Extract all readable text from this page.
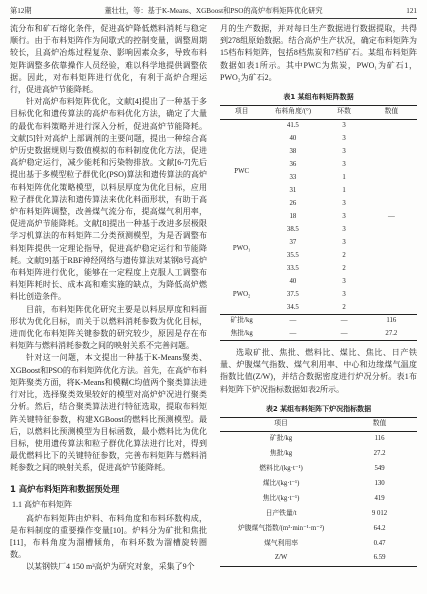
第12期	董壮壮，等：基于K-Means、XGBoost和PSO的高炉布料矩阵优化研究	121

流分布和矿石熔化条件，促进高炉降低燃料消耗与稳定顺行。由于布料矩阵作为间歇式的控制变量，调整周期较长，且高炉冶炼过程复杂、影响因素众多，导致布料矩阵调整多依靠操作人员经验，难以科学地提供调整依据。因此，对布料矩阵进行优化，有利于高炉合理运行，促进高炉节能降耗。

针对高炉布料矩阵优化，文献[4]提出了一种基于多目标优化和遗传算法的高炉布料优化方法，确定了大量的最优布料策略并进行深入分析，促进高炉节能降耗。文献[5]针对高炉上部调剂的主要问题，提出一种综合高炉历史数据规则与数值模拟的布料制度优化方法，促进高炉稳定运行，减少能耗和污染物排放。文献[6-7]先后提出基于多模型粒子群优化(PSO)算法和遗传算法的高炉布料矩阵优化策略模型，以料层厚度为优化目标，应用粒子群优化算法和遗传算法来优化料面形状，有助于高炉布料矩阵调整，改善煤气流分布，提高煤气利用率，促进高炉节能降耗。文献[8]提出一种基于改进多层极限学习机算法的布料矩阵二分类预测模型，为是否调整布料矩阵提供一定理论指导，促进高炉稳定运行和节能降耗。文献[9]基于RBF神经网络与遗传算法对某钢8号高炉布料矩阵进行优化，能够在一定程度上克服人工调整布料矩阵耗时长、成本高和难实施的缺点，为降低高炉燃料比创造条件。

目前，布料矩阵优化研究主要是以料层厚度和料面形状为优化目标，而关于以燃料消耗参数为优化目标，进而优化布料矩阵关键参数的研究较少，原因是存在布料矩阵与燃料消耗参数之间的映射关系不完善问题。

针对这一问题，本文提出一种基于K-Means聚类、XGBoost和PSO的布料矩阵优化方法。首先，在高炉布料矩阵聚类方面，将K-Means和模糊C均值两个聚类算法进行对比，选择聚类效果较好的模型对高炉炉况进行聚类分析。然后，结合聚类算法进行特征选取，提取布料矩阵关键特征参数，构建XGBoost的燃料比预测模型。最后，以燃料比预测模型为目标函数，最小燃料比为优化目标，使用遗传算法和粒子群优化算法进行比对，得到最优燃料比下的关键特征参数，完善布料矩阵与燃料消耗参数之间的映射关系，促进高炉节能降耗。

1 高炉布料矩阵和数据预处理
1.1 高炉布料矩阵

高炉布料矩阵由炉料、布料角度和布料环数构成，是布料制度的重要操作变量[10]。炉料分为矿批和焦批[11]，布料角度为溜槽倾角，布料环数为溜槽旋转圈数。

以某钢铁厂4 150 m³高炉为研究对象，采集了9个

月的生产数据，并对每日生产数据进行数据提取，共得到278组原始数据。结合高炉生产状况，确定布料矩阵为15档布料矩阵，包括8档焦炭和7档矿石。某组布料矩阵数据如表1所示。其中PWC为焦炭，PWO₁为矿石1，PWO₂为矿石2。

表1 某组布料矩阵数据
项目	布料角度/(°)	环数	数值
PWC	41.5	3	—
	40	3	
	38	3	
	36	3	
	33	1	
	31	1	
	26	3	
	18	3	
PWO₁	38.5	3	
	37	3	
	35.5	2	
	33.5	2	
PWO₂	40	3	
	37.5	3	
	34.5	2	
矿批/kg	—	—	116
焦批/kg	—	—	27.2

选取矿批、焦批、燃料比、煤比、焦比、日产铁量、炉腹煤气指数、煤气利用率、中心和边缘煤气温度指数比值(Z/W)，并结合数据密度进行炉况分析。表1布料矩阵下炉况指标数据如表2所示。

表2 某组布料矩阵下炉况指标数据
项目	数值
矿批/kg	116
焦批/kg	27.2
燃料比/(kg·t⁻¹)	549
煤比/(kg·t⁻¹)	130
焦比/(kg·t⁻¹)	419
日产铁量/t	9 012
炉腹煤气指数/(m³·min⁻¹·m⁻²)	64.2
煤气利用率	0.47
Z/W	6.59
